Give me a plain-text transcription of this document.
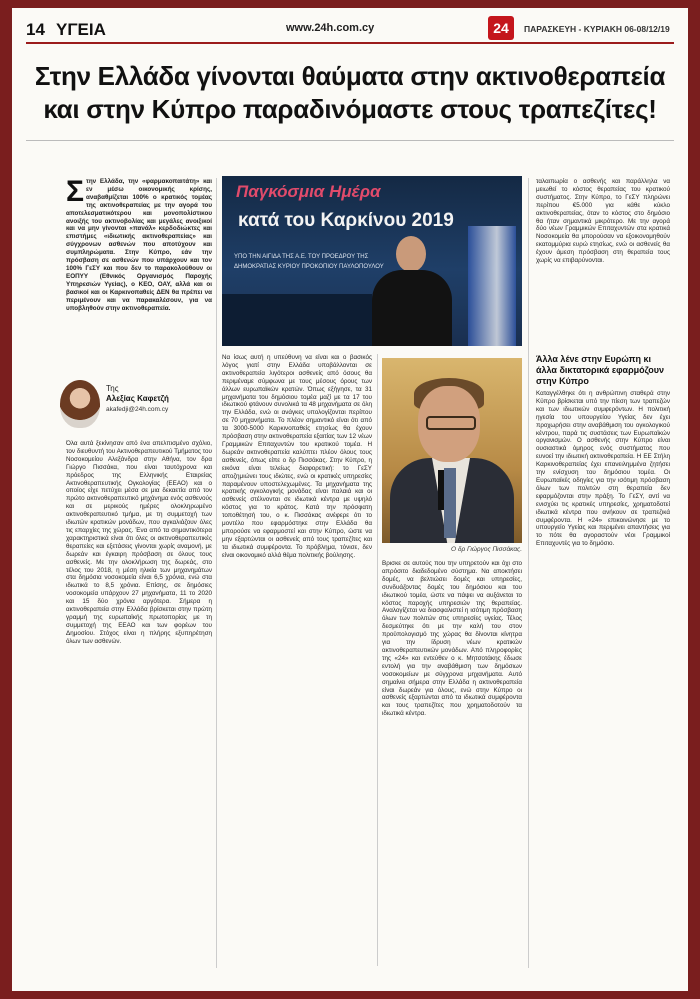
14 ΥΓΕΙΑ	www.24h.com.cy	24	ΠΑΡΑΣΚΕΥΗ - ΚΥΡΙΑΚΗ 06-08/12/19
Στην Ελλάδα γίνονται θαύματα στην ακτινοθεραπεία
και στην Κύπρο παραδινόμαστε στους τραπεζίτες!
Σ την Ελλάδα, την «φαρμακοπαιτάτη» και εν μέσω οικονομικής κρίσης, αναβαθμίζεται 100% ο κρατικός τομέας της ακτινοθεραπείας με την αγορά του αποτελεσματικότερου και μονοπολίστικου ανοιξής του ακτινοβολίας και μεγάλες ανοιξικοί και να μην γίνονται «πανάλ» κερδοδιώκτες και επιστήμες «ιδιωτικής ακτινοθεραπείας» και σύγχρονων ασθενών που αποτύχουν και συμπληρώματα. Στην Κύπρο, εάν την πρόσβαση σε ασθενών που υπάρχουν και τον 100% ΓεΣΥ και που δεν το παρακολούθουν οι ΕΟΠΥΥ (Εθνικός Οργανισμός Παροχής Υπηρεσιών Υγείας), ο ΚΕΟ, ΟΑΥ, αλλά και οι βασικοί και οι Καρκινοπαθείς ΔΕΝ θα πρέπει να περιμένουν και να παρακαλέσουν, για να υποβληθούν στην ακτινοθεραπεία.
Της
Αλεξίας Καφετζή
akafedji@24h.com.cy
Όλα αυτά ξεκίνησαν από ένα απελπισμένο σχόλιο, τον διευθυντή του Ακτινοθεραπευτικού Τμήματος του Νοσοκομείου Αλεξάνδρα στην Αθήνα, τον δρα Γιώργο Πισσάκα, που είναι ταυτόχρονα και πρόεδρος της Ελληνικής Εταιρείας Ακτινοθεραπευτικής Ογκολογίας (ΕΕΑΟ) και ο οποίος είχε πετύχει μέσα σε μια δεκαετία από τον πρώτο ακτινοθεραπευτικό μηχάνημα ενός ασθενούς και σε μερικούς ημέρες ολοκληρωμένο ακτινοθεραπευτικό τμήμα, με τη συμμετοχή των ιδιωτών κρατικών μονάδων, που αγκαλιάζουν όλες τις επαρχίες της χώρας. Ένα από τα σημαντικότερα χαρακτηριστικά είναι ότι όλες οι ακτινοθεραπευτικές θεραπείες και εξετάσεις γίνονται χωρίς αναμονή, με δωρεάν και έγκαιρη πρόσβαση σε όλους τους ασθενείς. Με την ολοκλήρωση της δωρεάς, στο τέλος του 2018, η μέση ηλικία των μηχανημάτων στα δημόσια νοσοκομεία είναι 6,5 χρόνια, ενώ στα ιδιωτικά το 8,5 χρόνια. Επίσης, σε δημόσιες νοσοκομεία υπάρχουν 27 μηχανήματα, 11 το 2020 και 15 δύο χρόνια αργότερα. Σήμερα η ακτινοθεραπεία στην Ελλάδα βρίσκεται στην πρώτη γραμμή της ευρωπαϊκής πρωτοπορίας με τη συμμετοχή της ΕΕΑΟ και των φορέων του Δημοσίου. Στόχος είναι η πλήρης εξυπηρέτηση όλων των ασθενών.
Παγκόσμια Ημέρα
κατά του Καρκίνου 2019
ΥΠΟ ΤΗΝ ΑΙΓΙΔΑ ΤΗΣ Α.Ε. ΤΟΥ ΠΡΟΕΔΡΟΥ ΤΗΣ ΔΗΜΟΚΡΑΤΙΑΣ ΚΥΡΙΟΥ ΠΡΟΚΟΠΙΟΥ ΠΑΥΛΟΠΟΥΛΟΥ
Να ίσως αυτή η υπεύθυνη να είναι και ο βασικός λόγος γιατί στην Ελλάδα υποβάλλονται σε ακτινοθεραπεία λιγότεροι ασθενείς από όσους θα περιμέναμε σύμφωνα με τους μέσους όρους των άλλων ευρωπαϊκών κρατών. Όπως εξήγησε, τα 31 μηχανήματα του δημόσιου τομέα μαζί με τα 17 του ιδιωτικού φτάνουν συνολικά τα 48 μηχανήματα σε όλη την Ελλάδα, ενώ οι ανάγκες υπολογίζονται περίπου σε 70 μηχανήματα. Το πλέον σημαντικό είναι ότι από τα 3000-5000 Καρκινοπαθείς ετησίως θα έχουν πρόσβαση στην ακτινοθεραπεία εξαιτίας των 12 νέων Γραμμικών Επιταχυντών του κρατικού τομέα. Η δωρεάν ακτινοθεραπεία καλύπτει πλέον όλους τους ασθενείς, όπως είπε ο δρ Πισσάκας. Στην Κύπρο, η εικόνα είναι τελείως διαφορετική: το ΓεΣΥ αποζημιώνει τους ιδιώτες, ενώ οι κρατικές υπηρεσίες παραμένουν υποστελεχωμένες. Τα μηχανήματα της κρατικής ογκολογικής μονάδας είναι παλαιά και οι ασθενείς στέλνονται σε ιδιωτικά κέντρα με υψηλό κόστος για το κράτος. Κατά την πρόσφατη τοποθέτησή του, ο κ. Πισσάκας ανέφερε ότι το μοντέλο που εφαρμόστηκε στην Ελλάδα θα μπορούσε να εφαρμοστεί και στην Κύπρο, ώστε να μην εξαρτώνται οι ασθενείς από τους τραπεζίτες και τα ιδιωτικά συμφέροντα. Το πρόβλημα, τόνισε, δεν είναι οικονομικό αλλά θέμα πολιτικής βούλησης.
Ο δρ Γιώργος Πισσάκας.
Βρισκε σε αυτούς που την υπηρετούν και όχι στο απρόσιτο διαδεδομένο σύστημα. Να αποκτήσει δομές, να βελτιώσει δομές και υπηρεσίες, συνδυάζοντας δομές του δημόσιου και του ιδιωτικού τομέα, ώστε να πάψει να αυξάνεται το κόστος παροχής υπηρεσιών της θεραπείας. Αναλογίζεται να διασφαλιστεί η ισότιμη πρόσβαση όλων των πολιτών στις υπηρεσίες υγείας. Τέλος δεσμεύτηκε ότι με την καλή του στον προϋπολογισμό της χώρας θα δίνονται κίνητρα για την ίδρυση νέων κρατικών ακτινοθεραπευτικών μονάδων. Από πληροφορίες της «24» και εντεύθεν ο κ. Μητσοτάκης έδωσε εντολή για την αναβάθμιση των δημόσιων νοσοκομείων με σύγχρονα μηχανήματα. Αυτό σημαίνει σήμερα στην Ελλάδα η ακτινοθεραπεία είναι δωρεάν για όλους, ενώ στην Κύπρο οι ασθενείς εξαρτώνται από τα ιδιωτικά συμφέροντα και τους τραπεζίτες που χρηματοδοτούν τα ιδιωτικά κέντρα.
ταλαιπωρία ο ασθενής και παράλληλα να μειωθεί το κόστος θεραπείας του κρατικού συστήματος. Στην Κύπρο, το ΓεΣΥ πληρώνει περίπου €5.000 για κάθε κύκλο ακτινοθεραπείας, όταν το κόστος στο δημόσιο θα ήταν σημαντικά μικρότερο. Με την αγορά δύο νέων Γραμμικών Επιταχυντών στα κρατικά Νοσοκομεία θα μπορούσαν να εξοικονομηθούν εκατομμύρια ευρώ ετησίως, ενώ οι ασθενείς θα έχουν άμεση πρόσβαση στη θεραπεία τους χωρίς να επιβαρύνονται.
Άλλα λένε στην Ευρώπη κι άλλα δικτατορικά εφαρμόζουν στην Κύπρο
Καταγγέλθηκε ότι η ανθρώπινη σταθερά στην Κύπρο βρίσκεται υπό την πίεση των τραπεζών και των ιδιωτικών συμφερόντων. Η πολιτική ηγεσία του υπουργείου Υγείας δεν έχει προχωρήσει στην αναβάθμιση του ογκολογικού κέντρου, παρά τις συστάσεις των Ευρωπαϊκών οργανισμών. Ο ασθενής στην Κύπρο είναι ουσιαστικά όμηρος ενός συστήματος που ευνοεί την ιδιωτική ακτινοθεραπεία. Η ΕΕ Στήλη Καρκινοθεραπείας έχει επανειλημμένα ζητήσει την ενίσχυση του δημόσιου τομέα. Οι Ευρωπαϊκές οδηγίες για την ισότιμη πρόσβαση όλων των πολιτών στη θεραπεία δεν εφαρμόζονται στην πράξη. Το ΓεΣΥ, αντί να ενισχύει τις κρατικές υπηρεσίες, χρηματοδοτεί ιδιωτικά κέντρα που ανήκουν σε τραπεζικά συμφέροντα. Η «24» επικοινώνησε με το υπουργείο Υγείας και περιμένει απαντήσεις για το πότε θα αγοραστούν νέοι Γραμμικοί Επιταχυντές για το δημόσιο.
